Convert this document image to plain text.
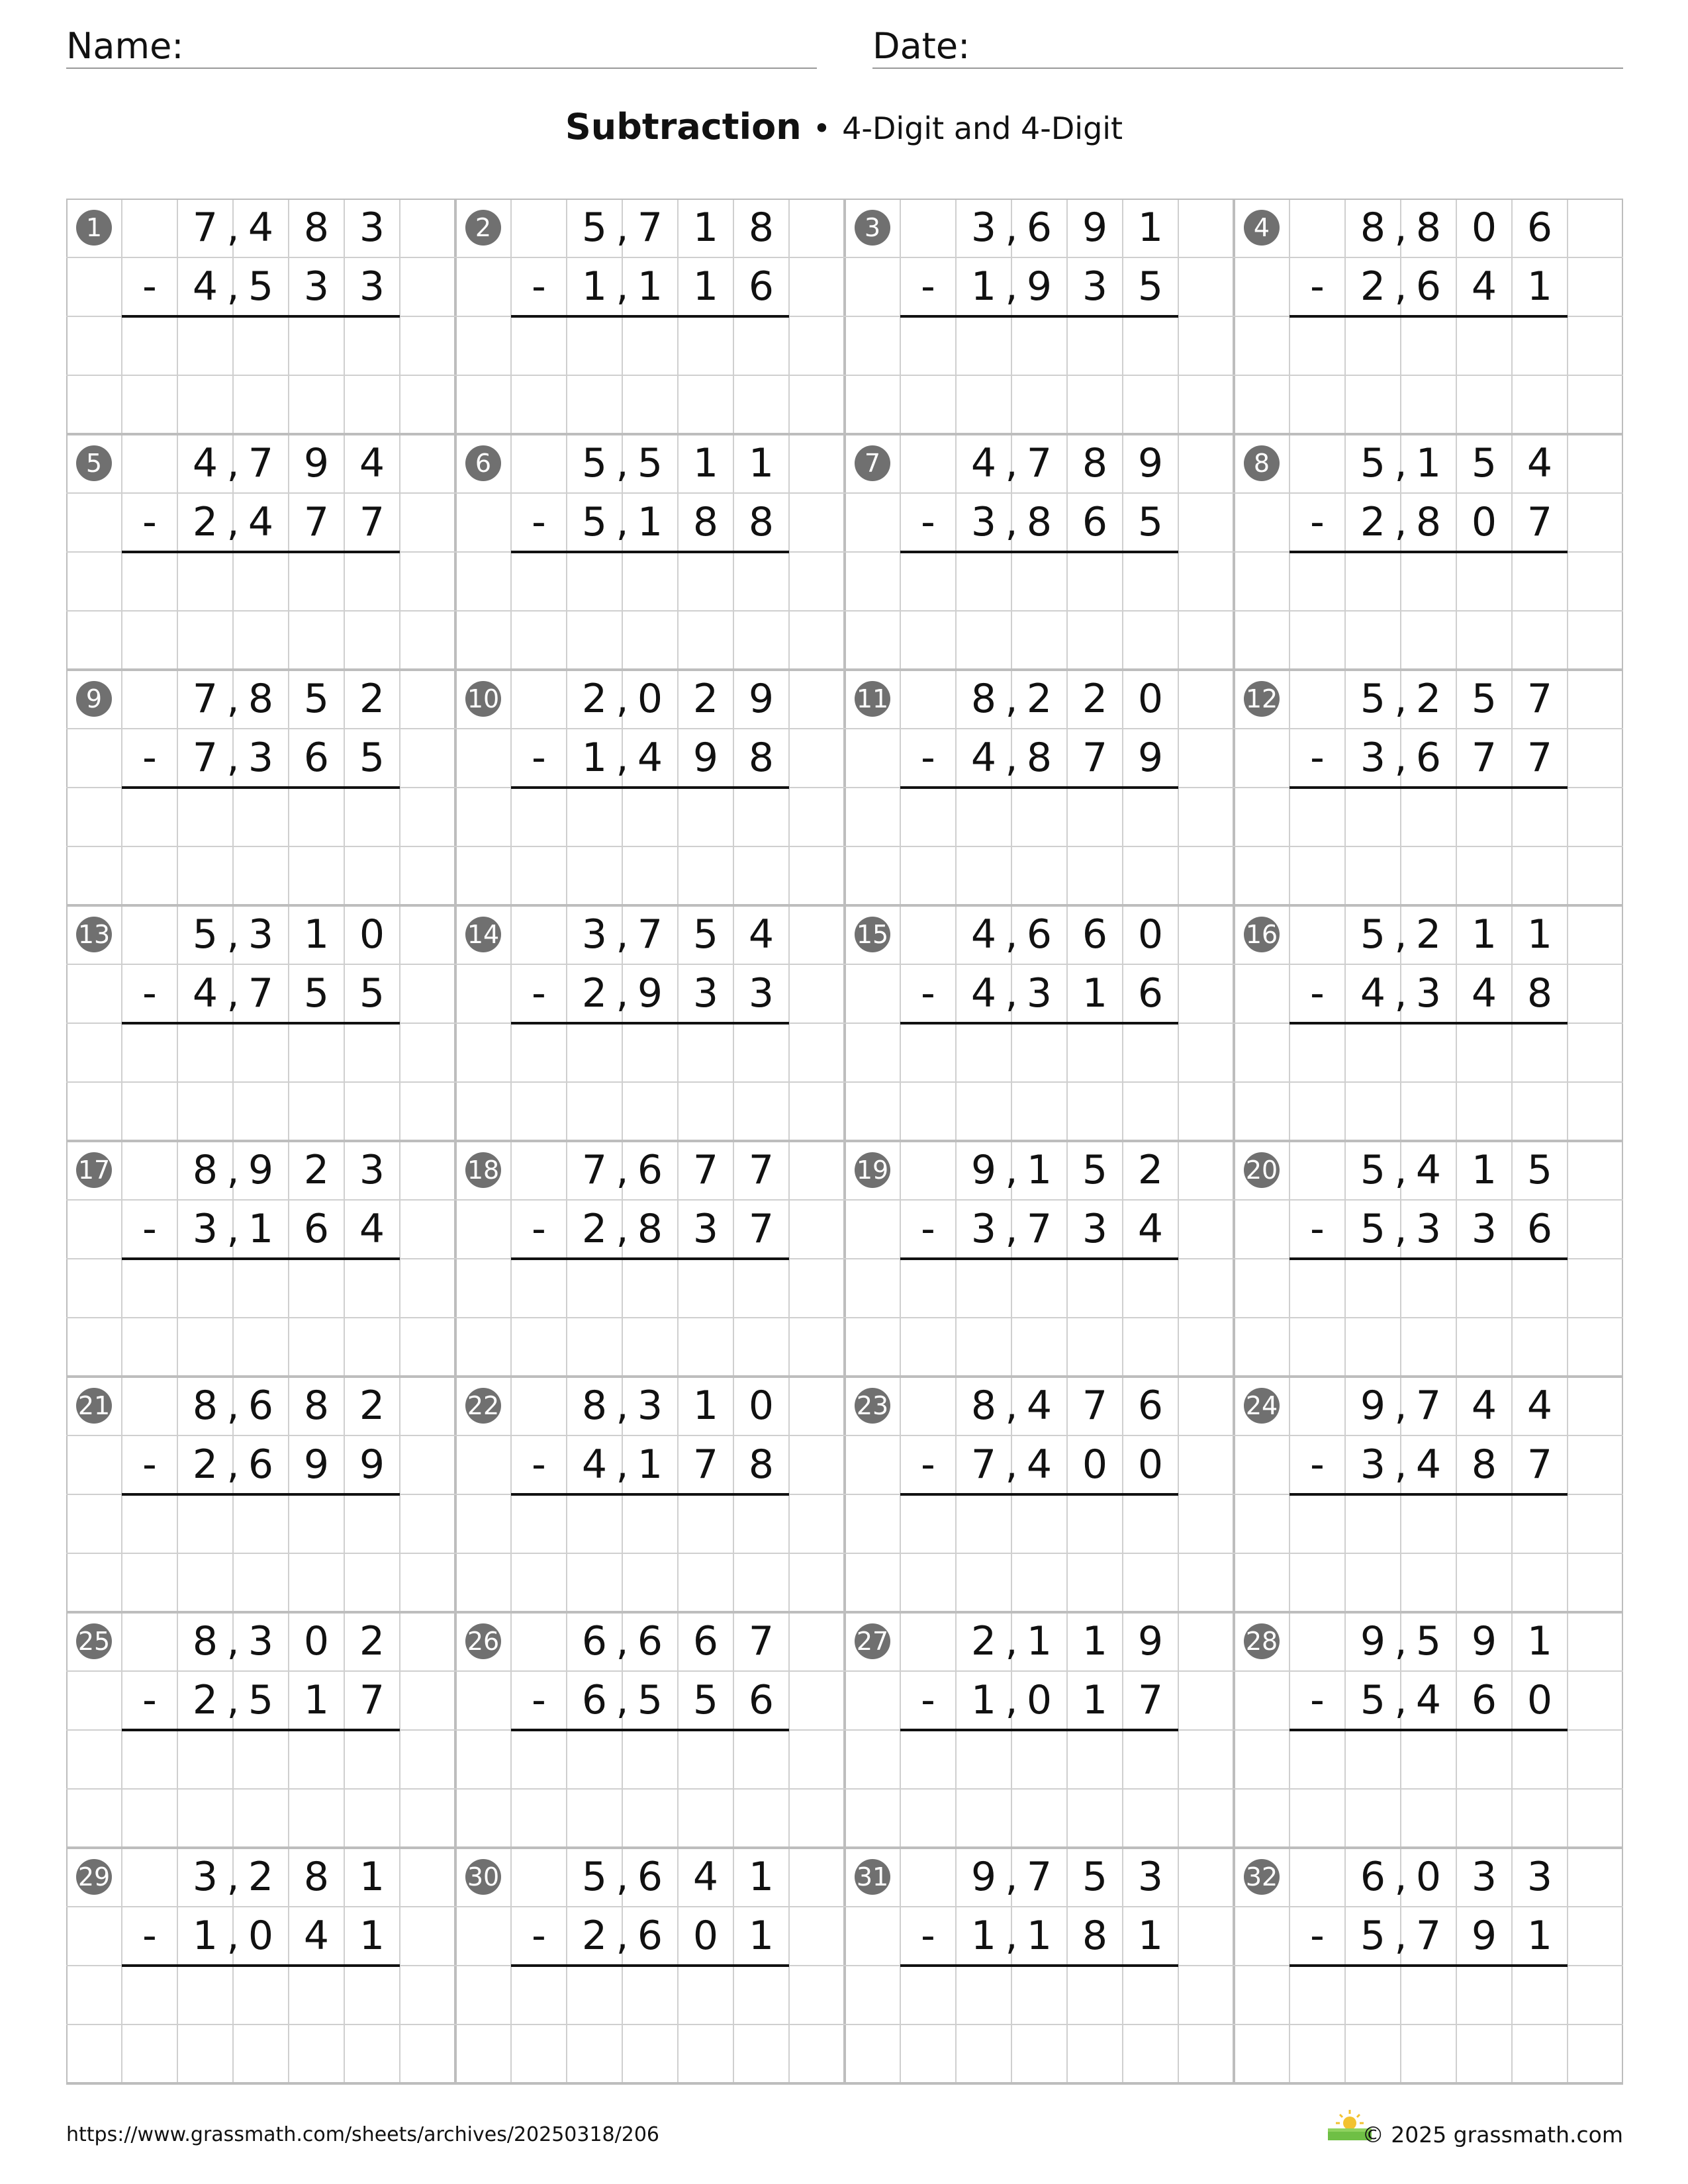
Name:	Date:
Subtraction • 4-Digit and 4-Digit
1	7 4 8 3
,
4 5 3 3
,
-
2	5 7 1 8
,
1 1 1 6
,
-
3	3 6 9 1
,
1 9 3 5
,
-
4	8 8 0 6
,
2 6 4 1
,
-
5	4 7 9 4
,
2 4 7 7
,
-
6	5 5 1 1
,
5 1 8 8
,
-
7	4 7 8 9
,
3 8 6 5
,
-
8	5 1 5 4
,
2 8 0 7
,
-
9	7 8 5 2
,
7 3 6 5
,
-
10	2 0 2 9
,
1 4 9 8
,
-
11	8 2 2 0
,
4 8 7 9
,
-
12	5 2 5 7
,
3 6 7 7
,
-
13	5 3 1 0
,
4 7 5 5
,
-
14	3 7 5 4
,
2 9 3 3
,
-
15	4 6 6 0
,
4 3 1 6
,
-
16	5 2 1 1
,
4 3 4 8
,
-
17	8 9 2 3
,
3 1 6 4
,
-
18	7 6 7 7
,
2 8 3 7
,
-
19	9 1 5 2
,
3 7 3 4
,
-
20	5 4 1 5
,
5 3 3 6
,
-
21	8 6 8 2
,
2 6 9 9
,
-
22	8 3 1 0
,
4 1 7 8
,
-
23	8 4 7 6
,
7 4 0 0
,
-
24	9 7 4 4
,
3 4 8 7
,
-
25	8 3 0 2
,
2 5 1 7
,
-
26	6 6 6 7
,
6 5 5 6
,
-
27	2 1 1 9
,
1 0 1 7
,
-
28	9 5 9 1
,
5 4 6 0
,
-
29	3 2 8 1
,
1 0 4 1
,
-
30	5 6 4 1
,
2 6 0 1
,
-
31	9 7 5 3
,
1 1 8 1
,
-
32	6 0 3 3
,
5 7 9 1
,
-
https://www.grassmath.com/sheets/archives/20250318/206	© 2025 grassmath.com
